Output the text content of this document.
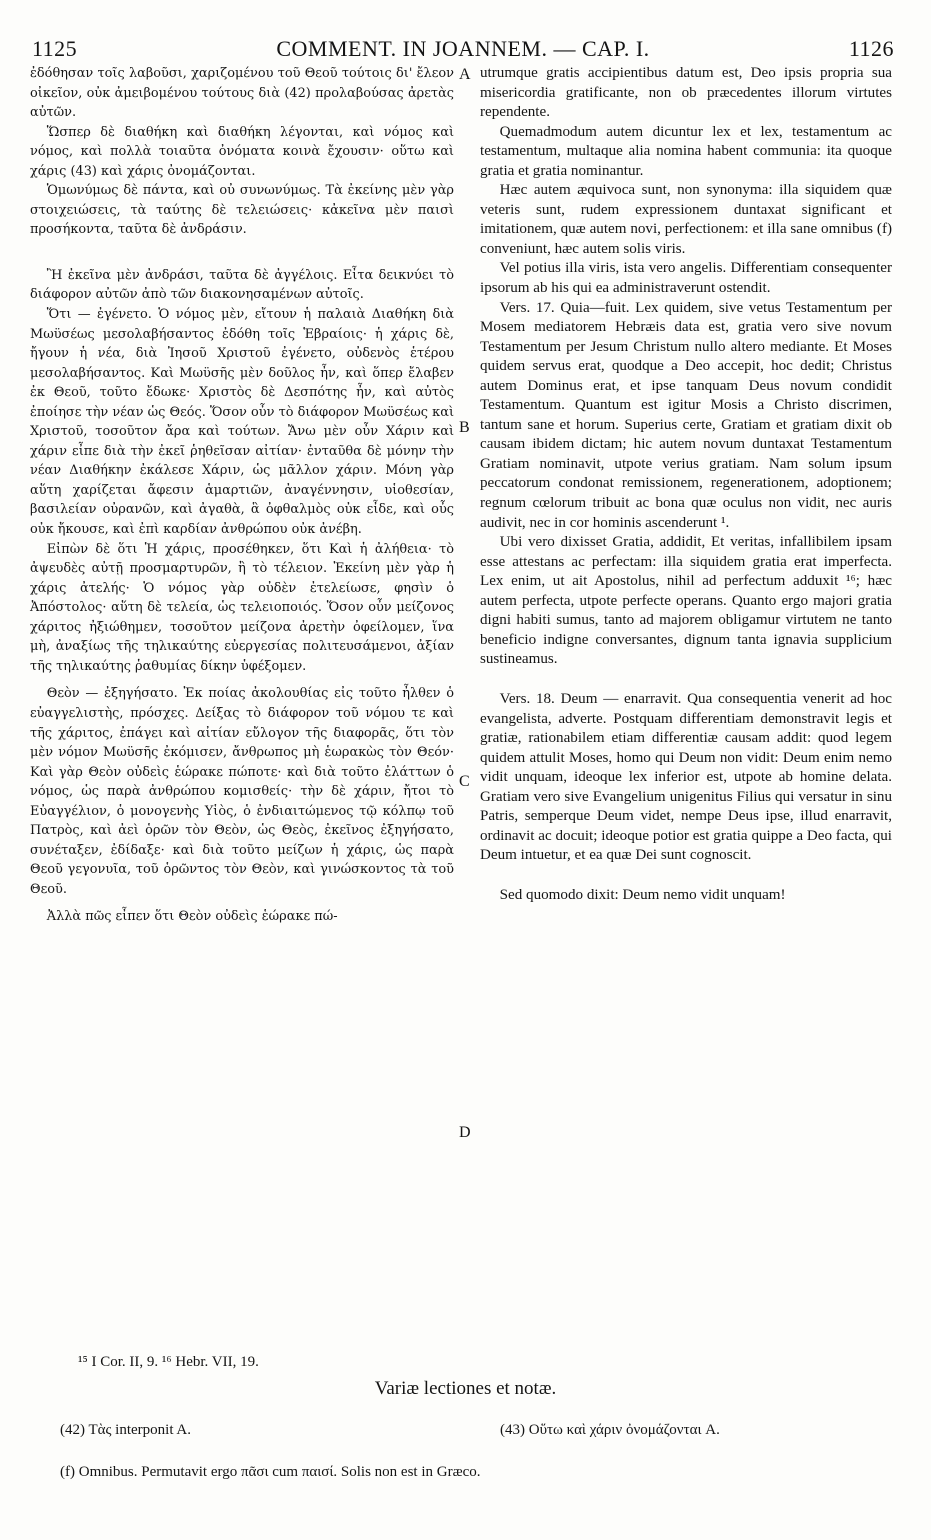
1125	COMMENT. IN JOANNEM. — CAP. I.	1126

ἐδόθησαν τοῖς λαβοῦσι, χαριζομένου τοῦ Θεοῦ τούτοις δι' ἔλεον οἰκεῖον, οὐκ ἀμειβομένου τούτους διὰ (42) προλαβούσας ἀρετὰς αὐτῶν.

Ὥσπερ δὲ διαθήκη καὶ διαθήκη λέγονται, καὶ νόμος καὶ νόμος, καὶ πολλὰ τοιαῦτα ὀνόματα κοινὰ ἔχουσιν· οὕτω καὶ χάρις (43) καὶ χάρις ὀνομάζονται.

Ὁμωνύμως δὲ πάντα, καὶ οὐ συνωνύμως. Τὰ ἐκείνης μὲν γὰρ στοιχειώσεις, τὰ ταύτης δὲ τελειώσεις· κἀκεῖνα μὲν παισὶ προσήκοντα, ταῦτα δὲ ἀνδράσιν.

Ἢ ἐκεῖνα μὲν ἀνδράσι, ταῦτα δὲ ἀγγέλοις. Εἶτα δεικνύει τὸ διάφορον αὐτῶν ἀπὸ τῶν διακονησαμένων αὐτοῖς.

Ὅτι — ἐγένετο. Ὁ νόμος μὲν, εἴτουν ἡ παλαιὰ Διαθήκη διὰ Μωϋσέως μεσολαβήσαντος ἐδόθη τοῖς Ἑβραίοις· ἡ χάρις δὲ, ἤγουν ἡ νέα, διὰ Ἰησοῦ Χριστοῦ ἐγένετο, οὐδενὸς ἑτέρου μεσολαβήσαντος. Καὶ Μωϋσῆς μὲν δοῦλος ἦν, καὶ ὅπερ ἔλαβεν ἐκ Θεοῦ, τοῦτο ἔδωκε· Χριστὸς δὲ Δεσπότης ἦν, καὶ αὐτὸς ἐποίησε τὴν νέαν ὡς Θεός. Ὅσον οὖν τὸ διάφορον Μωϋσέως καὶ Χριστοῦ, τοσοῦτον ἄρα καὶ τούτων. Ἄνω μὲν οὖν Χάριν καὶ χάριν εἶπε διὰ τὴν ἐκεῖ ῥηθεῖσαν αἰτίαν· ἐνταῦθα δὲ μόνην τὴν νέαν Διαθήκην ἐκάλεσε Χάριν, ὡς μᾶλλον χάριν. Μόνη γὰρ αὕτη χαρίζεται ἄφεσιν ἁμαρτιῶν, ἀναγέννησιν, υἱοθεσίαν, βασιλείαν οὐρανῶν, καὶ ἀγαθὰ, ἃ ὀφθαλμὸς οὐκ εἶδε, καὶ οὖς οὐκ ἤκουσε, καὶ ἐπὶ καρδίαν ἀνθρώπου οὐκ ἀνέβη.

Εἰπὼν δὲ ὅτι Ἡ χάρις, προσέθηκεν, ὅτι Καὶ ἡ ἀλήθεια· τὸ ἀψευδὲς αὐτῇ προσμαρτυρῶν, ἢ τὸ τέλειον. Ἐκείνη μὲν γὰρ ἡ χάρις ἀτελής· Ὁ νόμος γὰρ οὐδὲν ἐτελείωσε, φησὶν ὁ Ἀπόστολος· αὕτη δὲ τελεία, ὡς τελειοποιός. Ὅσον οὖν μείζονος χάριτος ἠξιώθημεν, τοσοῦτον μείζονα ἀρετὴν ὀφείλομεν, ἵνα μὴ, ἀναξίως τῆς τηλικαύτης εὐεργεσίας πολιτευσάμενοι, ἀξίαν τῆς τηλικαύτης ῥαθυμίας δίκην ὑφέξομεν.

Θεὸν — ἐξηγήσατο. Ἐκ ποίας ἀκολουθίας εἰς τοῦτο ἦλθεν ὁ εὐαγγελιστὴς, πρόσχες. Δείξας τὸ διάφορον τοῦ νόμου τε καὶ τῆς χάριτος, ἐπάγει καὶ αἰτίαν εὔλογον τῆς διαφορᾶς, ὅτι τὸν μὲν νόμον Μωϋσῆς ἐκόμισεν, ἄνθρωπος μὴ ἑωρακὼς τὸν Θεόν· Καὶ γὰρ Θεὸν οὐδεὶς ἑώρακε πώποτε· καὶ διὰ τοῦτο ἐλάττων ὁ νόμος, ὡς παρὰ ἀνθρώπου κομισθείς· τὴν δὲ χάριν, ἤτοι τὸ Εὐαγγέλιον, ὁ μονογενὴς Υἱὸς, ὁ ἐνδιαιτώμενος τῷ κόλπῳ τοῦ Πατρὸς, καὶ ἀεὶ ὁρῶν τὸν Θεὸν, ὡς Θεὸς, ἐκεῖνος ἐξηγήσατο, συνέταξεν, ἐδίδαξε· καὶ διὰ τοῦτο μείζων ἡ χάρις, ὡς παρὰ Θεοῦ γεγονυῖα, τοῦ ὁρῶντος τὸν Θεὸν, καὶ γινώσκοντος τὰ τοῦ Θεοῦ.

Ἀλλὰ πῶς εἶπεν ὅτι Θεὸν οὐδεὶς ἑώρακε πώ-

utrumque gratis accipientibus datum est, Deo ipsis propria sua misericordia gratificante, non ob præcedentes illorum virtutes rependente.

Quemadmodum autem dicuntur lex et lex, testamentum ac testamentum, multaque alia nomina habent communia: ita quoque gratia et gratia nominantur.

Hæc autem æquivoca sunt, non synonyma: illa siquidem quæ veteris sunt, rudem expressionem duntaxat significant et imitationem, quæ autem novi, perfectionem: et illa sane omnibus (f) conveniunt, hæc autem solis viris.

Vel potius illa viris, ista vero angelis. Differentiam consequenter ipsorum ab his qui ea administraverunt ostendit.

Vers. 17. Quia—fuit. Lex quidem, sive vetus Testamentum per Mosem mediatorem Hebræis data est, gratia vero sive novum Testamentum per Jesum Christum nullo altero mediante. Et Moses quidem servus erat, quodque a Deo accepit, hoc dedit; Christus autem Dominus erat, et ipse tanquam Deus novum condidit Testamentum. Quantum est igitur Mosis a Christo discrimen, tantum sane et horum. Superius certe, Gratiam et gratiam dixit ob causam ibidem dictam; hic autem novum duntaxat Testamentum Gratiam nominavit, utpote verius gratiam. Nam solum ipsum peccatorum condonat remissionem, regenerationem, adoptionem; regnum cœlorum tribuit ac bona quæ oculus non vidit, nec auris audivit, nec in cor hominis ascenderunt ¹.

Ubi vero dixisset Gratia, addidit, Et veritas, infallibilem ipsam esse attestans ac perfectam: illa siquidem gratia erat imperfecta. Lex enim, ut ait Apostolus, nihil ad perfectum adduxit ¹⁶; hæc autem perfecta, utpote perfecte operans. Quanto ergo majori gratia digni habiti sumus, tanto ad majorem obligamur virtutem ne tanto beneficio indigne conversantes, dignum tanta ignavia supplicium sustineamus.

Vers. 18. Deum — enarravit. Qua consequentia venerit ad hoc evangelista, adverte. Postquam differentiam demonstravit legis et gratiæ, rationabilem etiam differentiæ causam addit: quod legem quidem attulit Moses, homo qui Deum non vidit: Deum enim nemo vidit unquam, ideoque lex inferior est, utpote ab homine delata. Gratiam vero sive Evangelium unigenitus Filius qui versatur in sinu Patris, semperque Deum videt, nempe Deus ipse, illud enarravit, ordinavit ac docuit; ideoque potior est gratia quippe a Deo facta, qui Deum intuetur, et ea quæ Dei sunt cognoscit.

Sed quomodo dixit: Deum nemo vidit unquam!

A
B
C
D
¹⁵ I Cor. II, 9. ¹⁶ Hebr. VII, 19.
Variæ lectiones et notæ.
(42) Τὰς interponit A.	(43) Οὕτω καὶ χάριν ὀνομάζονται A.
(f) Omnibus. Permutavit ergo πᾶσι cum παισί. Solis non est in Græco.
